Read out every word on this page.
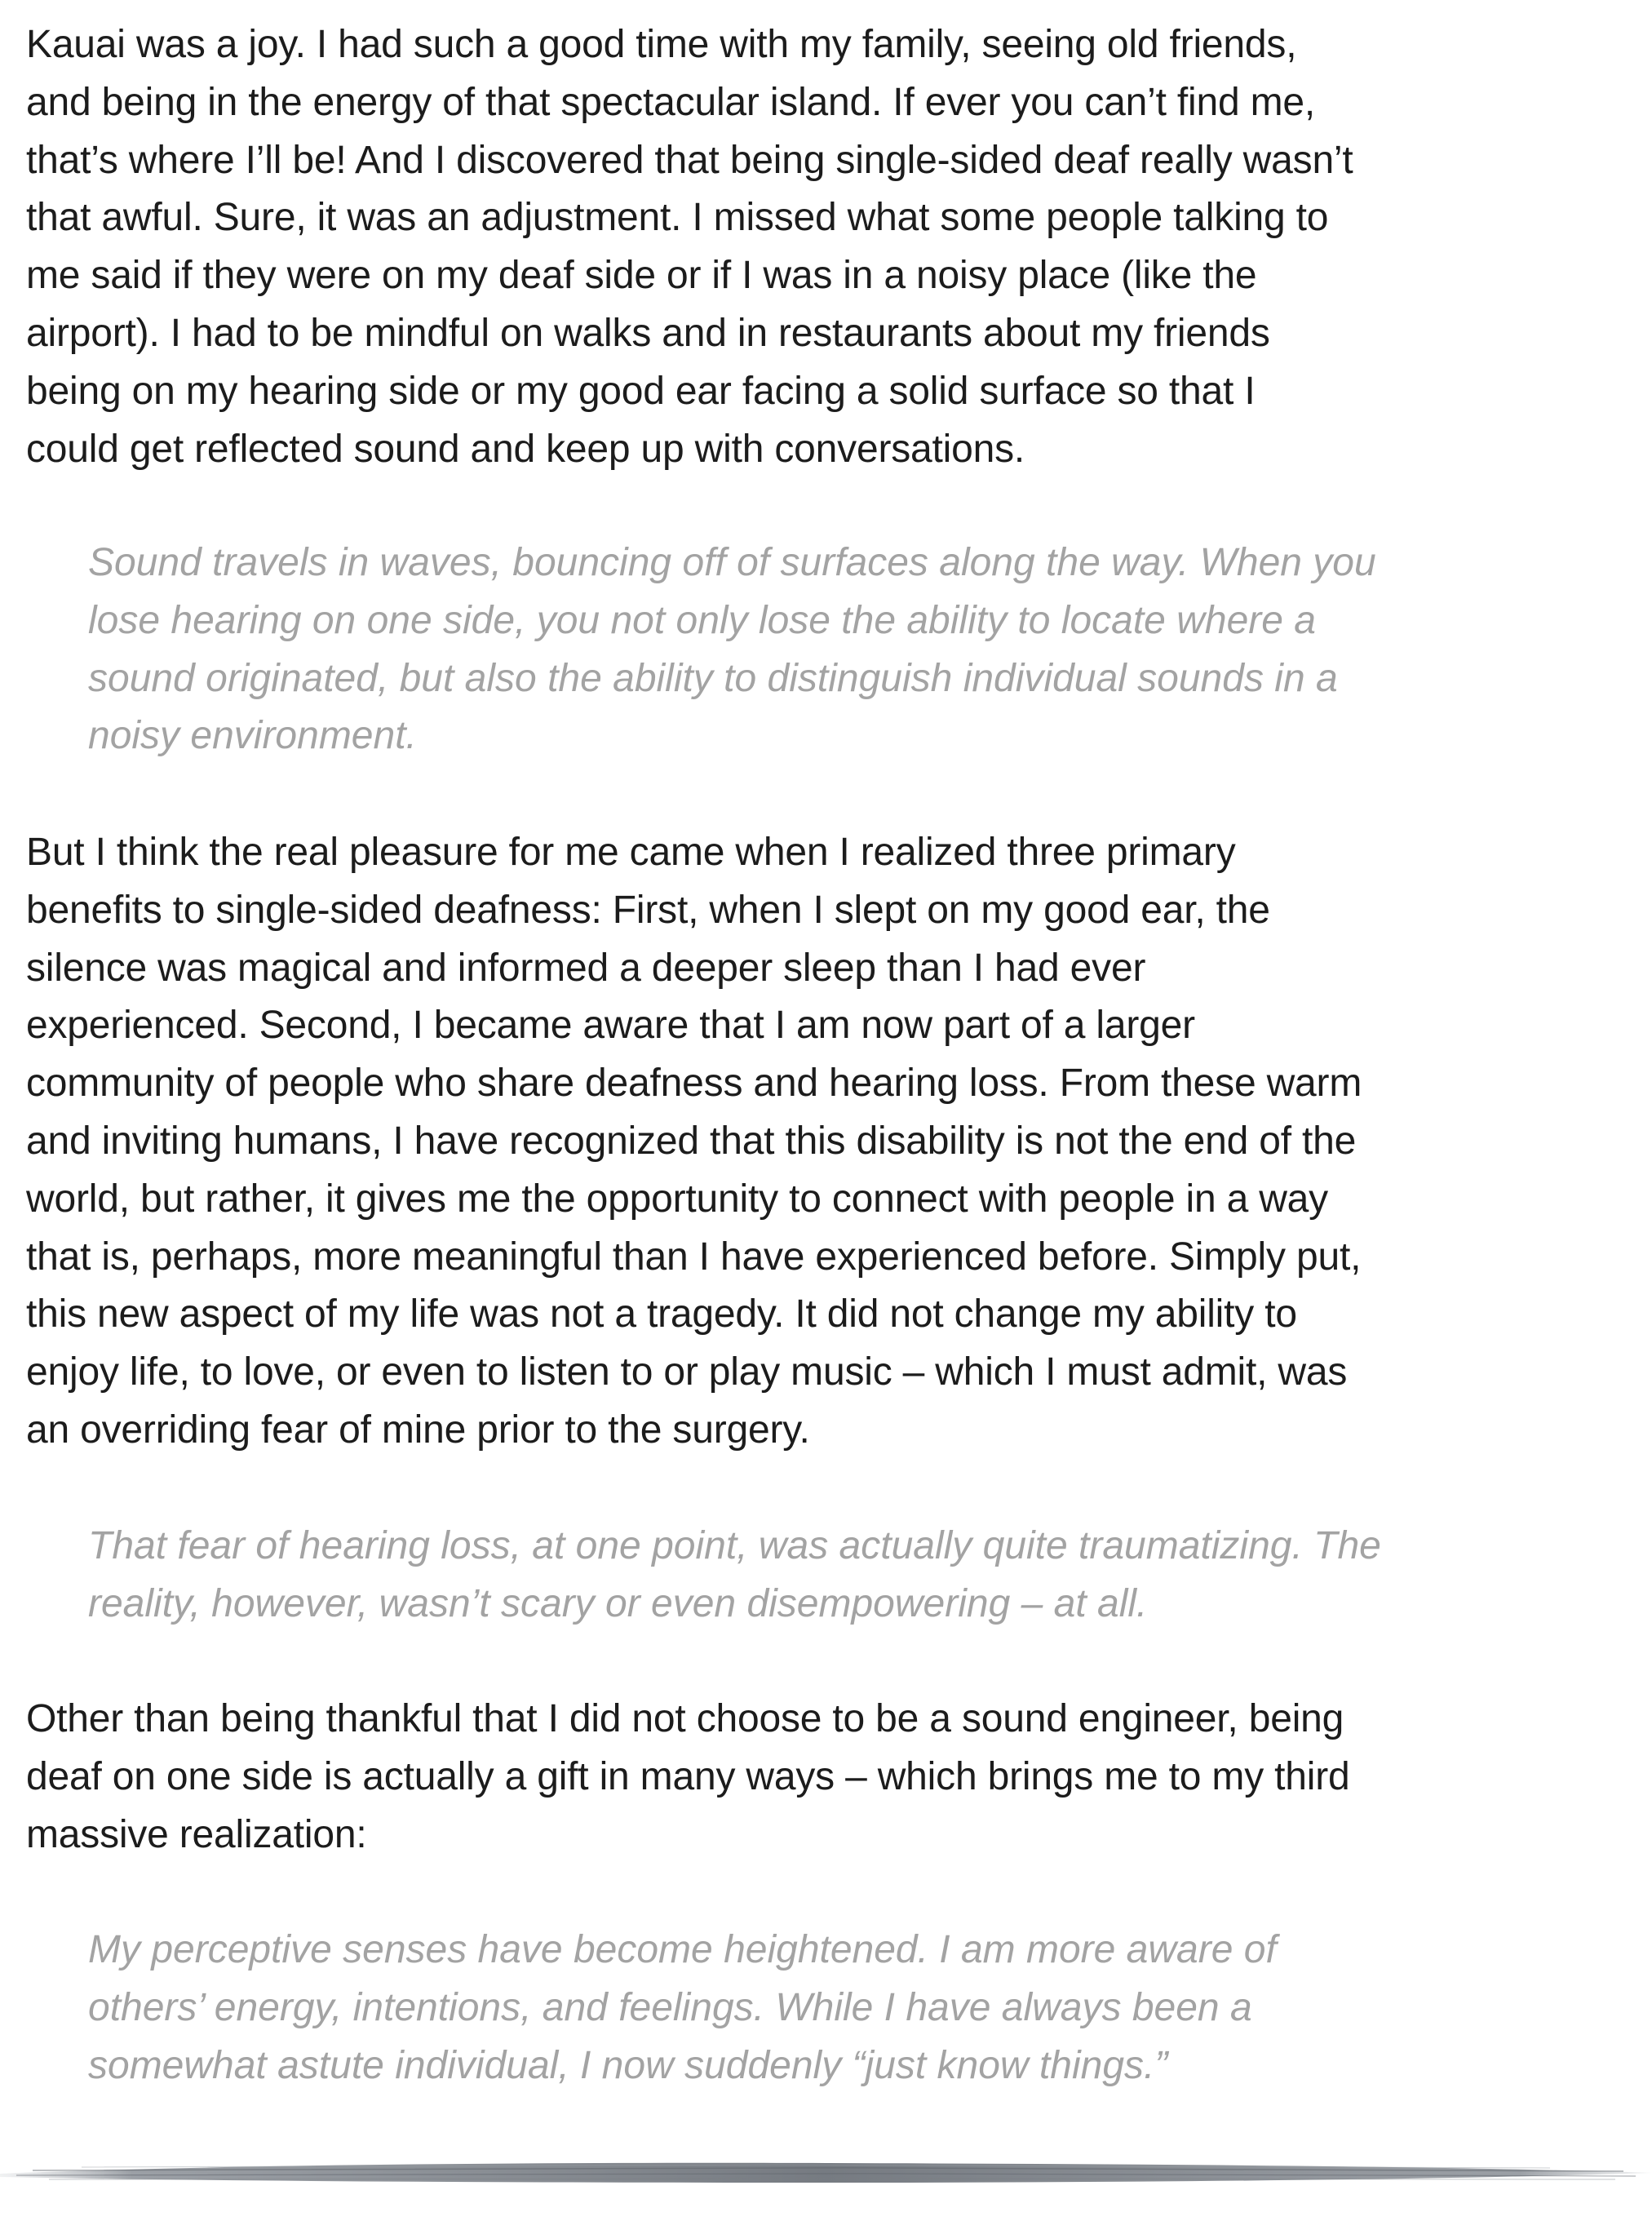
Kauai was a joy. I had such a good time with my family, seeing old friends,
and being in the energy of that spectacular island. If ever you can’t find me,
that’s where I’ll be! And I discovered that being single-sided deaf really wasn’t
that awful. Sure, it was an adjustment. I missed what some people talking to
me said if they were on my deaf side or if I was in a noisy place (like the
airport). I had to be mindful on walks and in restaurants about my friends
being on my hearing side or my good ear facing a solid surface so that I
could get reflected sound and keep up with conversations.

Sound travels in waves, bouncing off of surfaces along the way. When you
lose hearing on one side, you not only lose the ability to locate where a
sound originated, but also the ability to distinguish individual sounds in a
noisy environment.

But I think the real pleasure for me came when I realized three primary
benefits to single-sided deafness: First, when I slept on my good ear, the
silence was magical and informed a deeper sleep than I had ever
experienced. Second, I became aware that I am now part of a larger
community of people who share deafness and hearing loss. From these warm
and inviting humans, I have recognized that this disability is not the end of the
world, but rather, it gives me the opportunity to connect with people in a way
that is, perhaps, more meaningful than I have experienced before. Simply put,
this new aspect of my life was not a tragedy. It did not change my ability to
enjoy life, to love, or even to listen to or play music – which I must admit, was
an overriding fear of mine prior to the surgery.

That fear of hearing loss, at one point, was actually quite traumatizing. The
reality, however, wasn’t scary or even disempowering – at all.

Other than being thankful that I did not choose to be a sound engineer, being
deaf on one side is actually a gift in many ways – which brings me to my third
massive realization:

My perceptive senses have become heightened. I am more aware of
others’ energy, intentions, and feelings. While I have always been a
somewhat astute individual, I now suddenly “just know things.”
